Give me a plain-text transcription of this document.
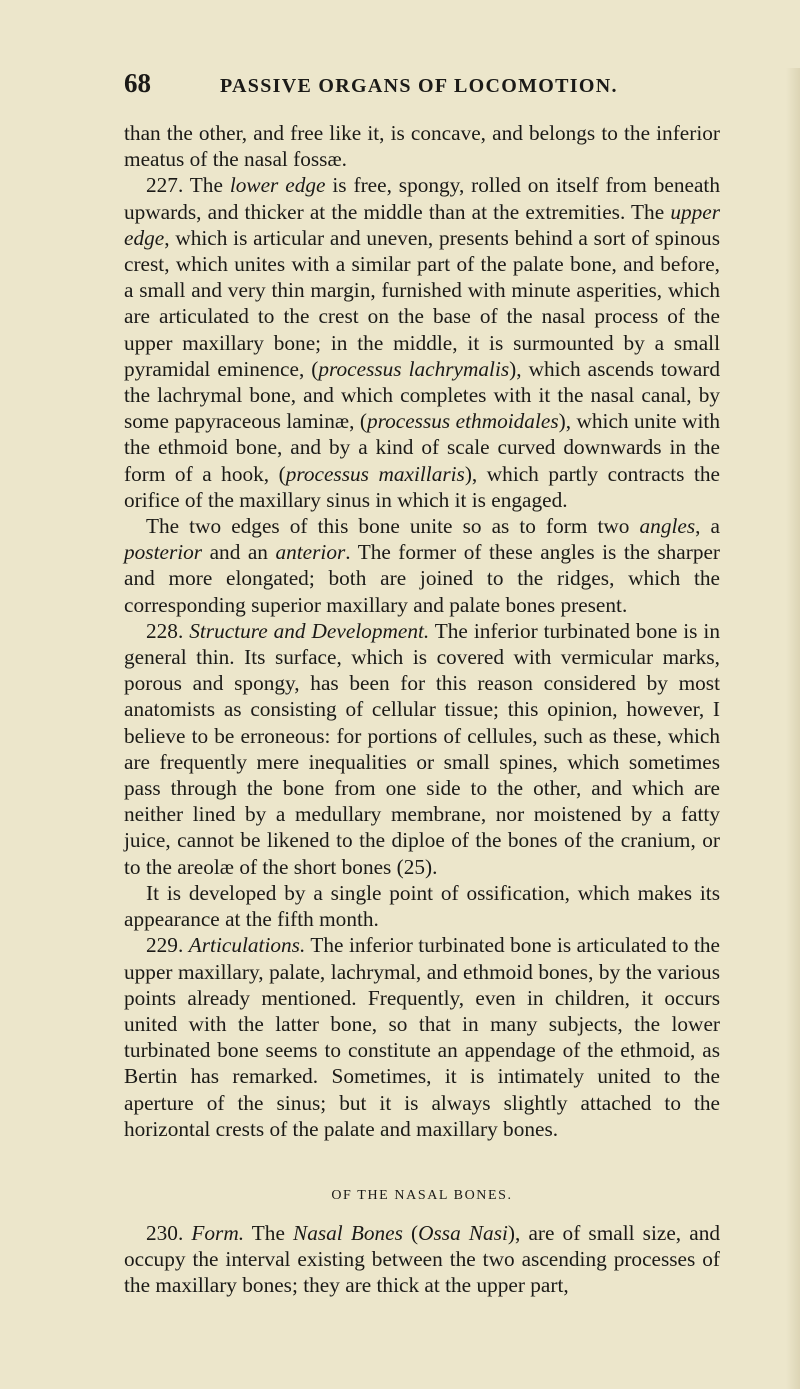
68	PASSIVE ORGANS OF LOCOMOTION.

than the other, and free like it, is concave, and belongs to the inferior meatus of the nasal fossæ.

227. The lower edge is free, spongy, rolled on itself from beneath upwards, and thicker at the middle than at the extremities. The upper edge, which is articular and uneven, presents behind a sort of spinous crest, which unites with a similar part of the palate bone, and before, a small and very thin margin, furnished with minute asperities, which are articulated to the crest on the base of the nasal process of the upper maxillary bone; in the middle, it is surmounted by a small pyramidal eminence, (processus lachrymalis), which ascends toward the lachrymal bone, and which completes with it the nasal canal, by some papyraceous laminæ, (processus ethmoidales), which unite with the ethmoid bone, and by a kind of scale curved downwards in the form of a hook, (processus maxillaris), which partly contracts the orifice of the maxillary sinus in which it is engaged.

The two edges of this bone unite so as to form two angles, a posterior and an anterior. The former of these angles is the sharper and more elongated; both are joined to the ridges, which the corresponding superior maxillary and palate bones present.

228. Structure and Development. The inferior turbinated bone is in general thin. Its surface, which is covered with vermicular marks, porous and spongy, has been for this reason considered by most anatomists as consisting of cellular tissue; this opinion, however, I believe to be erroneous: for portions of cellules, such as these, which are frequently mere inequalities or small spines, which sometimes pass through the bone from one side to the other, and which are neither lined by a medullary membrane, nor moistened by a fatty juice, cannot be likened to the diploe of the bones of the cranium, or to the areolæ of the short bones (25).

It is developed by a single point of ossification, which makes its appearance at the fifth month.

229. Articulations. The inferior turbinated bone is articulated to the upper maxillary, palate, lachrymal, and ethmoid bones, by the various points already mentioned. Frequently, even in children, it occurs united with the latter bone, so that in many subjects, the lower turbinated bone seems to constitute an appendage of the ethmoid, as Bertin has remarked. Sometimes, it is intimately united to the aperture of the sinus; but it is always slightly attached to the horizontal crests of the palate and maxillary bones.

OF THE NASAL BONES.

230. Form. The Nasal Bones (Ossa Nasi), are of small size, and occupy the interval existing between the two ascending processes of the maxillary bones; they are thick at the upper part,
